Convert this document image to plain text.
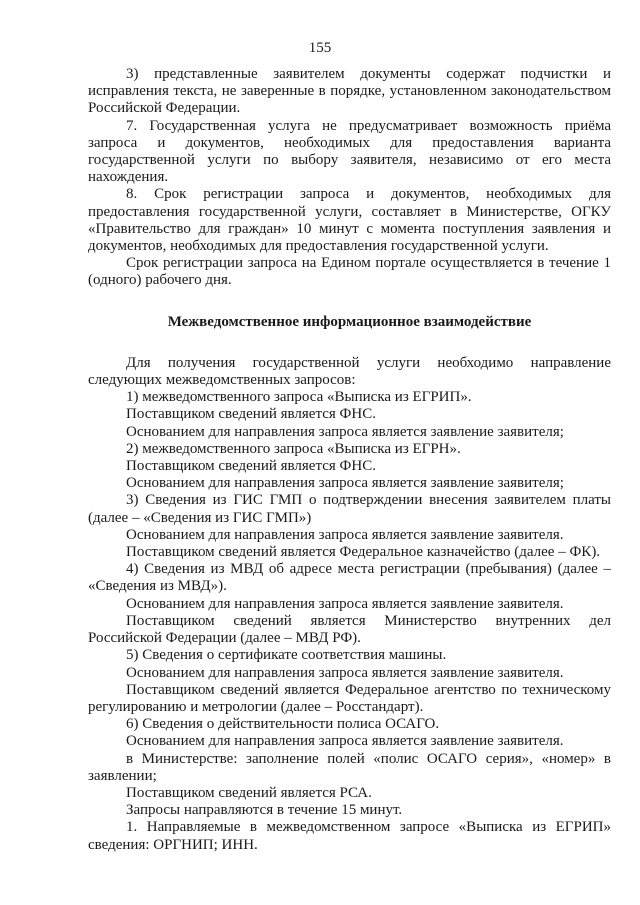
155

3) представленные заявителем документы содержат подчистки и исправления текста, не заверенные в порядке, установленном законодательством Российской Федерации.

7. Государственная услуга не предусматривает возможность приёма запроса и документов, необходимых для предоставления варианта государственной услуги по выбору заявителя, независимо от его места нахождения.

8. Срок регистрации запроса и документов, необходимых для предоставления государственной услуги, составляет в Министерстве, ОГКУ «Правительство для граждан» 10 минут с момента поступления заявления и документов, необходимых для предоставления государственной услуги.

Срок регистрации запроса на Едином портале осуществляется в течение 1 (одного) рабочего дня.

Межведомственное информационное взаимодействие

Для получения государственной услуги необходимо направление следующих межведомственных запросов:

1) межведомственного запроса «Выписка из ЕГРИП».

Поставщиком сведений является ФНС.

Основанием для направления запроса является заявление заявителя;

2) межведомственного запроса «Выписка из ЕГРН».

Поставщиком сведений является ФНС.

Основанием для направления запроса является заявление заявителя;

3) Сведения из ГИС ГМП о подтверждении внесения заявителем платы (далее – «Сведения из ГИС ГМП»)

Основанием для направления запроса является заявление заявителя.

Поставщиком сведений является Федеральное казначейство (далее – ФК).

4) Сведения из МВД об адресе места регистрации (пребывания) (далее – «Сведения из МВД»).

Основанием для направления запроса является заявление заявителя.

Поставщиком сведений является Министерство внутренних дел Российской Федерации (далее – МВД РФ).

5) Сведения о сертификате соответствия машины.

Основанием для направления запроса является заявление заявителя.

Поставщиком сведений является Федеральное агентство по техническому регулированию и метрологии (далее – Росстандарт).

6) Сведения о действительности полиса ОСАГО.

Основанием для направления запроса является заявление заявителя.

в Министерстве: заполнение полей «полис ОСАГО серия», «номер» в заявлении;

Поставщиком сведений является РСА.

Запросы направляются в течение 15 минут.

1. Направляемые в межведомственном запросе «Выписка из ЕГРИП» сведения: ОРГНИП; ИНН.
